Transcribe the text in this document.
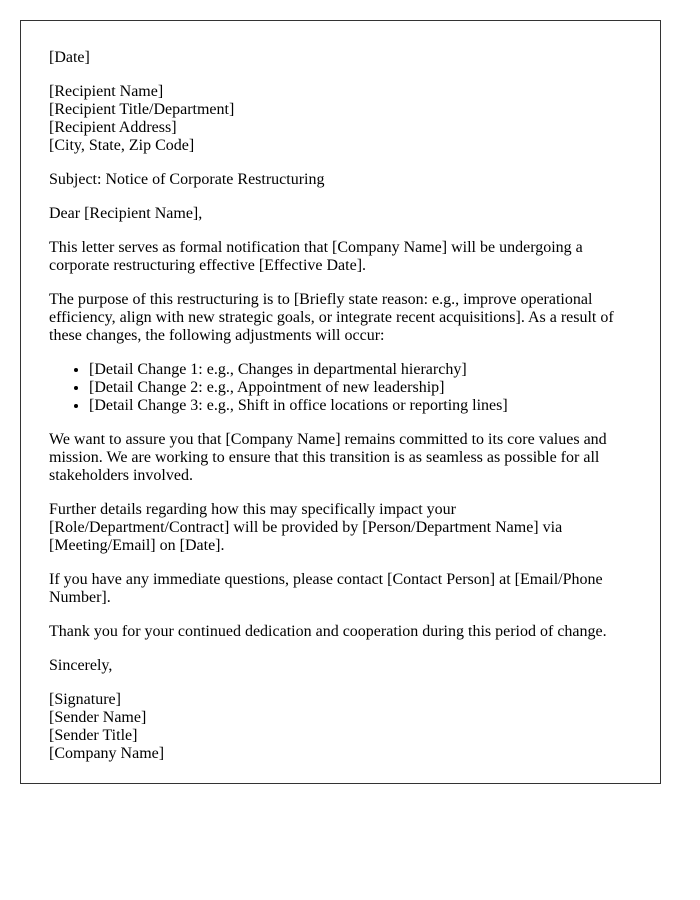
[Date]

[Recipient Name]
[Recipient Title/Department]
[Recipient Address]
[City, State, Zip Code]

Subject: Notice of Corporate Restructuring

Dear [Recipient Name],

This letter serves as formal notification that [Company Name] will be undergoing a corporate restructuring effective [Effective Date].

The purpose of this restructuring is to [Briefly state reason: e.g., improve operational efficiency, align with new strategic goals, or integrate recent acquisitions]. As a result of these changes, the following adjustments will occur:

• [Detail Change 1: e.g., Changes in departmental hierarchy]
• [Detail Change 2: e.g., Appointment of new leadership]
• [Detail Change 3: e.g., Shift in office locations or reporting lines]

We want to assure you that [Company Name] remains committed to its core values and mission. We are working to ensure that this transition is as seamless as possible for all stakeholders involved.

Further details regarding how this may specifically impact your [Role/Department/Contract] will be provided by [Person/Department Name] via [Meeting/Email] on [Date].

If you have any immediate questions, please contact [Contact Person] at [Email/Phone Number].

Thank you for your continued dedication and cooperation during this period of change.

Sincerely,

[Signature]
[Sender Name]
[Sender Title]
[Company Name]
